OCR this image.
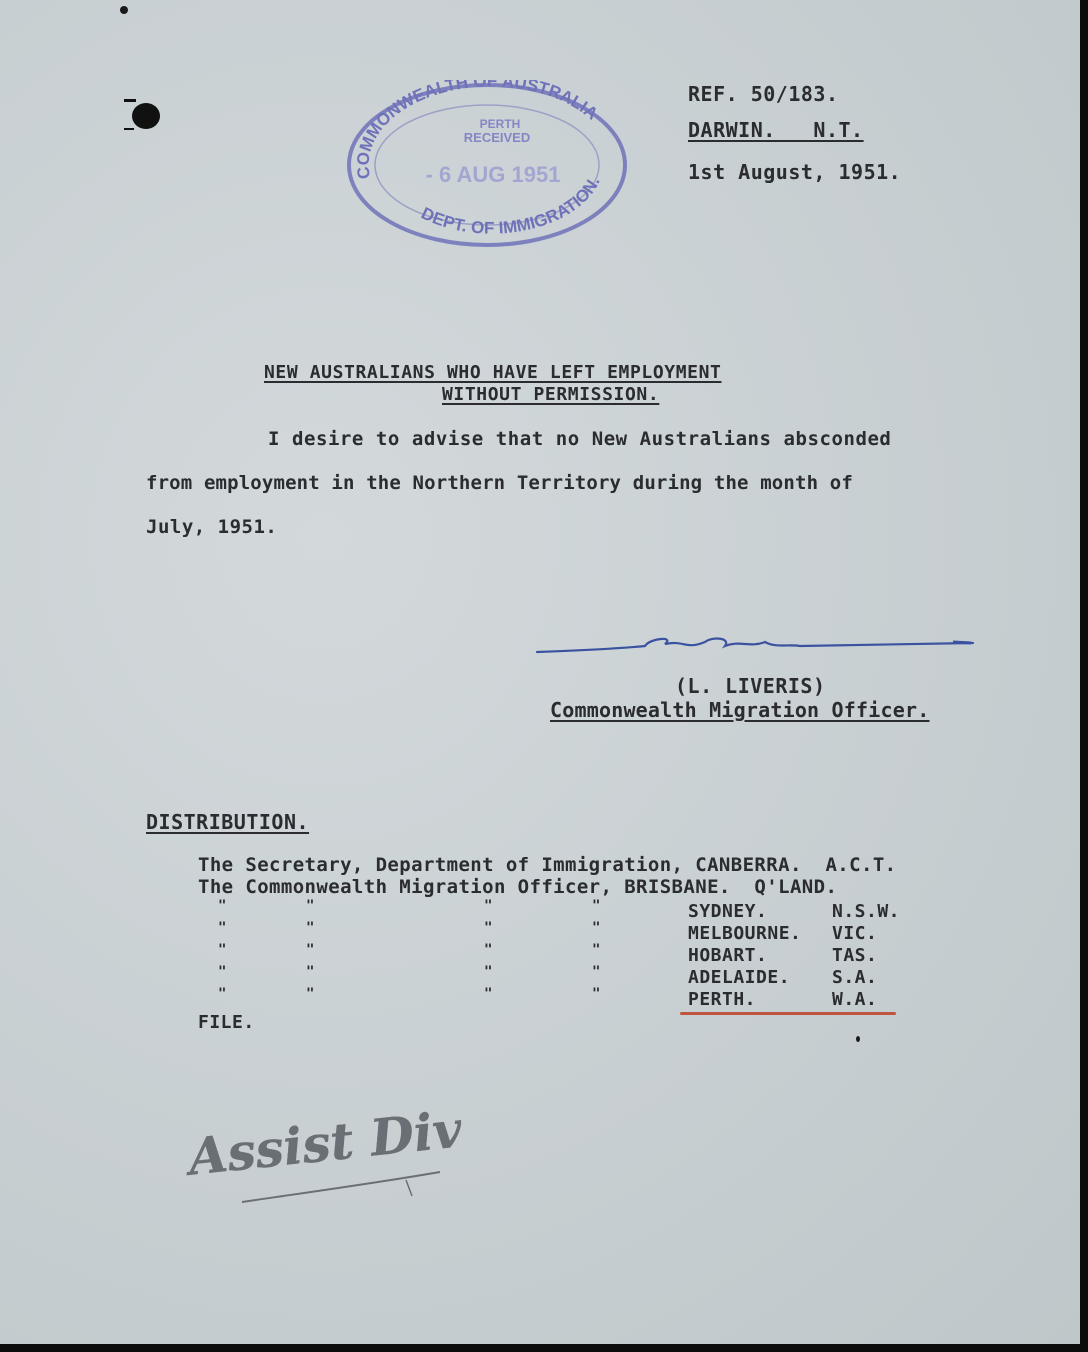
COMMONWEALTH OF AUSTRALIA
DEPT. OF IMMIGRATION.
PERTH
RECEIVED
- 6 AUG 1951
REF. 50/183.
DARWIN.   N.T.
1st August, 1951.
NEW AUSTRALIANS WHO HAVE LEFT EMPLOYMENT
WITHOUT PERMISSION.
I desire to advise that no New Australians absconded
from employment in the Northern Territory during the month of
July, 1951.
(L. LIVERIS)
Commonwealth Migration Officer.
DISTRIBUTION.
The Secretary, Department of Immigration, CANBERRA.  A.C.T.
The Commonwealth Migration Officer, BRISBANE.  Q'LAND.
"	"	"	"	SYDNEY.	N.S.W.
"	"	"	"	MELBOURNE. VIC.
"	"	"	"	HOBART.	TAS.
"	"	"	"	ADELAIDE. S.A.
"	"	"	"	PERTH.	W.A.
FILE.
Assist Div
